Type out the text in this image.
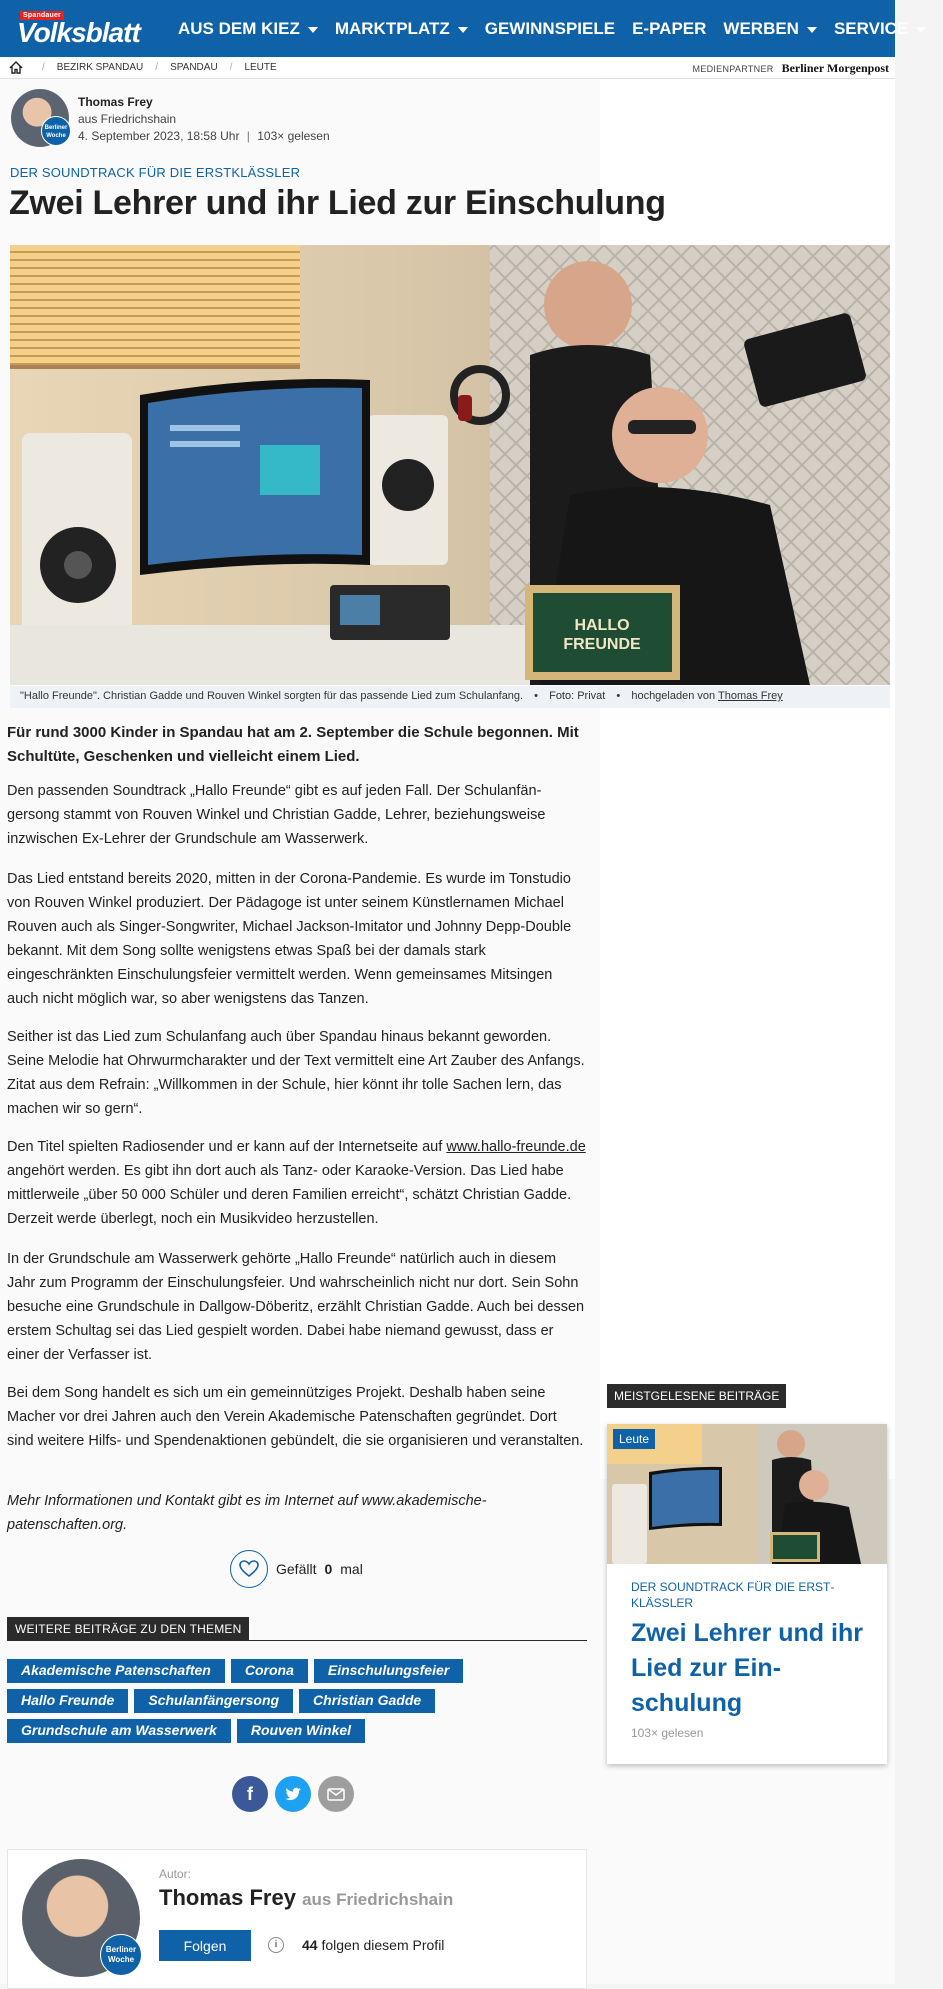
Spandauer
Volksblatt AUS DEM KIEZ MARKTPLATZ GEWINNSPIELE E-PAPER WERBEN SERVICE
/ BEZIRK SPANDAU / SPANDAU / LEUTE	MEDIENPARTNER Berliner Morgenpost
Berliner Woche
Thomas Frey
aus Friedrichshain
4. September 2023, 18:58 Uhr | 103× gelesen
DER SOUNDTRACK FÜR DIE ERSTKLÄSSLER
Zwei Lehrer und ihr Lied zur Einschulung
HALLO
FREUNDE
"Hallo Freunde". Christian Gadde und Rouven Winkel sorgten für das passende Lied zum Schulanfang. • Foto: Privat • hochgeladen von Thomas Frey

Für rund 3000 Kinder in Spandau hat am 2. September die Schule begonnen. Mit Schultüte, Geschenken und vielleicht einem Lied.

Den passenden Soundtrack „Hallo Freunde“ gibt es auf jeden Fall. Der Schulanfängersong stammt von Rouven Winkel und Christian Gadde, Lehrer, beziehungsweise inzwischen Ex-Lehrer der Grundschule am Wasserwerk.

Das Lied entstand bereits 2020, mitten in der Corona-Pandemie. Es wurde im Tonstudio von Rouven Winkel produziert. Der Pädagoge ist unter seinem Künstlernamen Michael Rouven auch als Singer-Songwriter, Michael Jackson-Imitator und Johnny Depp-Double bekannt. Mit dem Song sollte wenigstens etwas Spaß bei der damals stark eingeschränkten Einschulungsfeier vermittelt werden. Wenn gemeinsames Mitsingen auch nicht möglich war, so aber wenigstens das Tanzen.

Seither ist das Lied zum Schulanfang auch über Spandau hinaus bekannt geworden. Seine Melodie hat Ohrwurmcharakter und der Text vermittelt eine Art Zauber des Anfangs. Zitat aus dem Refrain: „Willkommen in der Schule, hier könnt ihr tolle Sachen lern, das machen wir so gern“.

Den Titel spielten Radiosender und er kann auf der Internetseite auf www.hallo-freunde.de angehört werden. Es gibt ihn dort auch als Tanz- oder Karaoke-Version. Das Lied habe mittlerweile „über 50 000 Schüler und deren Familien erreicht“, schätzt Christian Gadde. Derzeit werde überlegt, noch ein Musikvideo herzustellen.

In der Grundschule am Wasserwerk gehörte „Hallo Freunde“ natürlich auch in diesem Jahr zum Programm der Einschulungsfeier. Und wahrscheinlich nicht nur dort. Sein Sohn besuche eine Grundschule in Dallgow-Döberitz, erzählt Christian Gadde. Auch bei dessen erstem Schultag sei das Lied gespielt worden. Dabei habe niemand gewusst, dass er einer der Verfasser ist.

Bei dem Song handelt es sich um ein gemeinnütziges Projekt. Deshalb haben seine Macher vor drei Jahren auch den Verein Akademische Patenschaften gegründet. Dort sind weitere Hilfs- und Spendenaktionen gebündelt, die sie organisieren und veranstalten.

Mehr Informationen und Kontakt gibt es im Internet auf www.akademische-patenschaften.org.

Gefällt 0 mal
WEITERE BEITRÄGE ZU DEN THEMEN
Akademische Patenschaften	Corona	Einschulungsfeier
Hallo Freunde	Schulanfängersong	Christian Gadde
Grundschule am Wasserwerk	Rouven Winkel
f
Berliner Woche
Autor:
Thomas Frey aus Friedrichshain
Folgen	i	44 folgen diesem Profil
MEISTGELESENE BEITRÄGE
Leute
DER SOUNDTRACK FÜR DIE ERSTKLÄSSLER
Zwei Lehrer und ihr Lied zur Einschulung
103× gelesen
